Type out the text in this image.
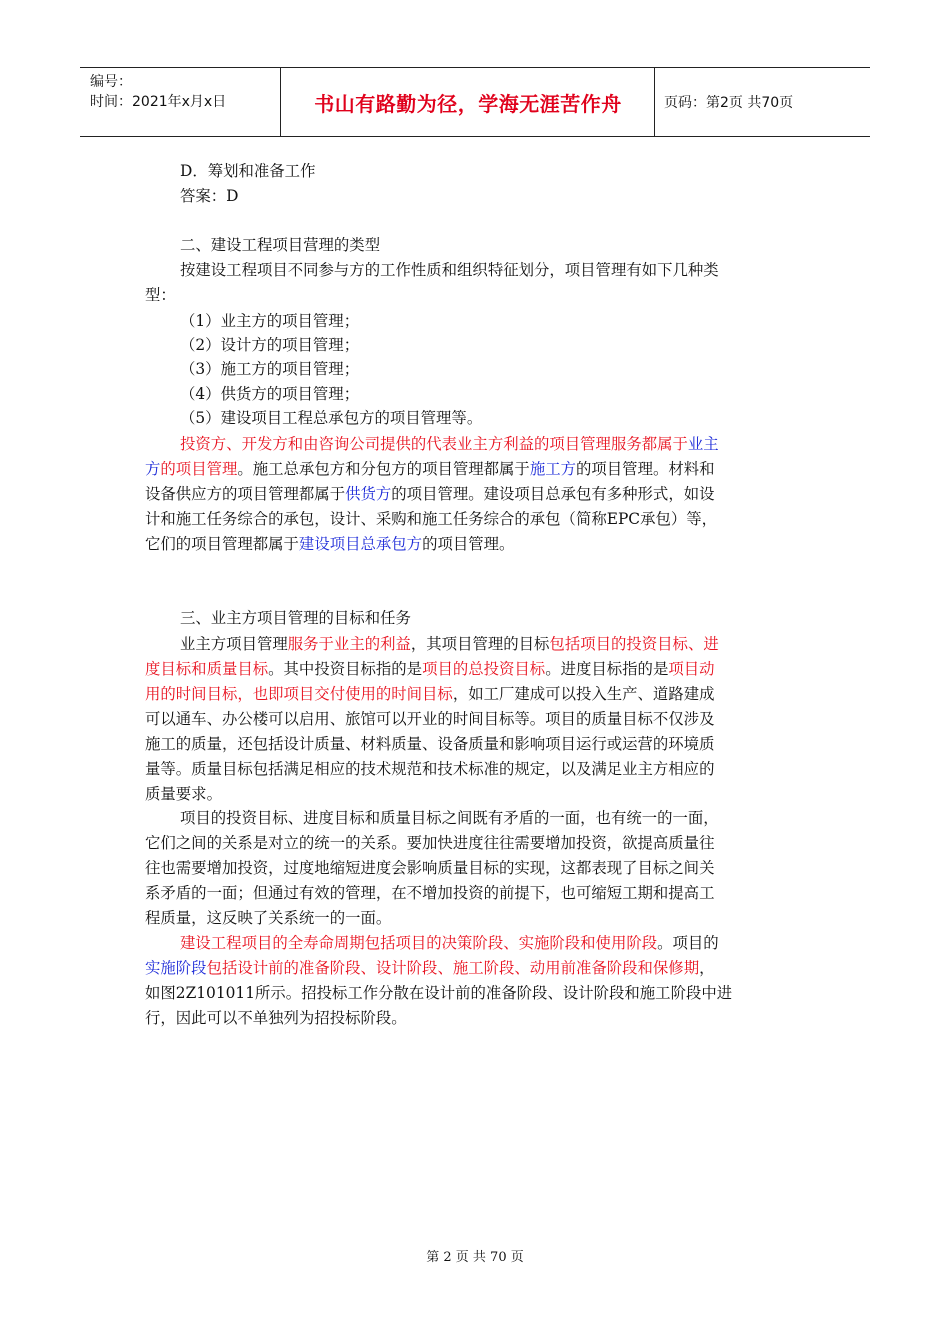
编号：
时间：2021年x月x日	书山有路勤为径，学海无涯苦作舟	页码：第2页 共70页
D．筹划和准备工作
答案：D
二、建设工程项目营理的类型
按建设工程项目不同参与方的工作性质和组织特征划分，项目管理有如下几种类
型：
（1）业主方的项目管理；
（2）设计方的项目管理；
（3）施工方的项目管理；
（4）供货方的项目管理；
（5）建设项目工程总承包方的项目管理等。
投资方、开发方和由咨询公司提供的代表业主方利益的项目管理服务都属于业主
方的项目管理。施工总承包方和分包方的项目管理都属于施工方的项目管理。材料和
设备供应方的项目管理都属于供货方的项目管理。建设项目总承包有多种形式，如设
计和施工任务综合的承包，设计、采购和施工任务综合的承包（简称EPC承包）等，
它们的项目管理都属于建设项目总承包方的项目管理。
三、业主方项目管理的目标和任务
业主方项目管理服务于业主的利益，其项目管理的目标包括项目的投资目标、进
度目标和质量目标。其中投资目标指的是项目的总投资目标。进度目标指的是项目动
用的时间目标，也即项目交付使用的时间目标，如工厂建成可以投入生产、道路建成
可以通车、办公楼可以启用、旅馆可以开业的时间目标等。项目的质量目标不仅涉及
施工的质量，还包括设计质量、材料质量、设备质量和影响项目运行或运营的环境质
量等。质量目标包括满足相应的技术规范和技术标准的规定，以及满足业主方相应的
质量要求。
项目的投资目标、进度目标和质量目标之间既有矛盾的一面，也有统一的一面，
它们之间的关系是对立的统一的关系。要加快进度往往需要增加投资，欲提高质量往
往也需要增加投资，过度地缩短进度会影响质量目标的实现，这都表现了目标之间关
系矛盾的一面；但通过有效的管理，在不增加投资的前提下，也可缩短工期和提高工
程质量，这反映了关系统一的一面。
建设工程项目的全寿命周期包括项目的决策阶段、实施阶段和使用阶段。项目的
实施阶段包括设计前的准备阶段、设计阶段、施工阶段、动用前准备阶段和保修期，
如图2Z101011所示。招投标工作分散在设计前的准备阶段、设计阶段和施工阶段中进
行，因此可以不单独列为招投标阶段。
第 2 页 共 70 页
